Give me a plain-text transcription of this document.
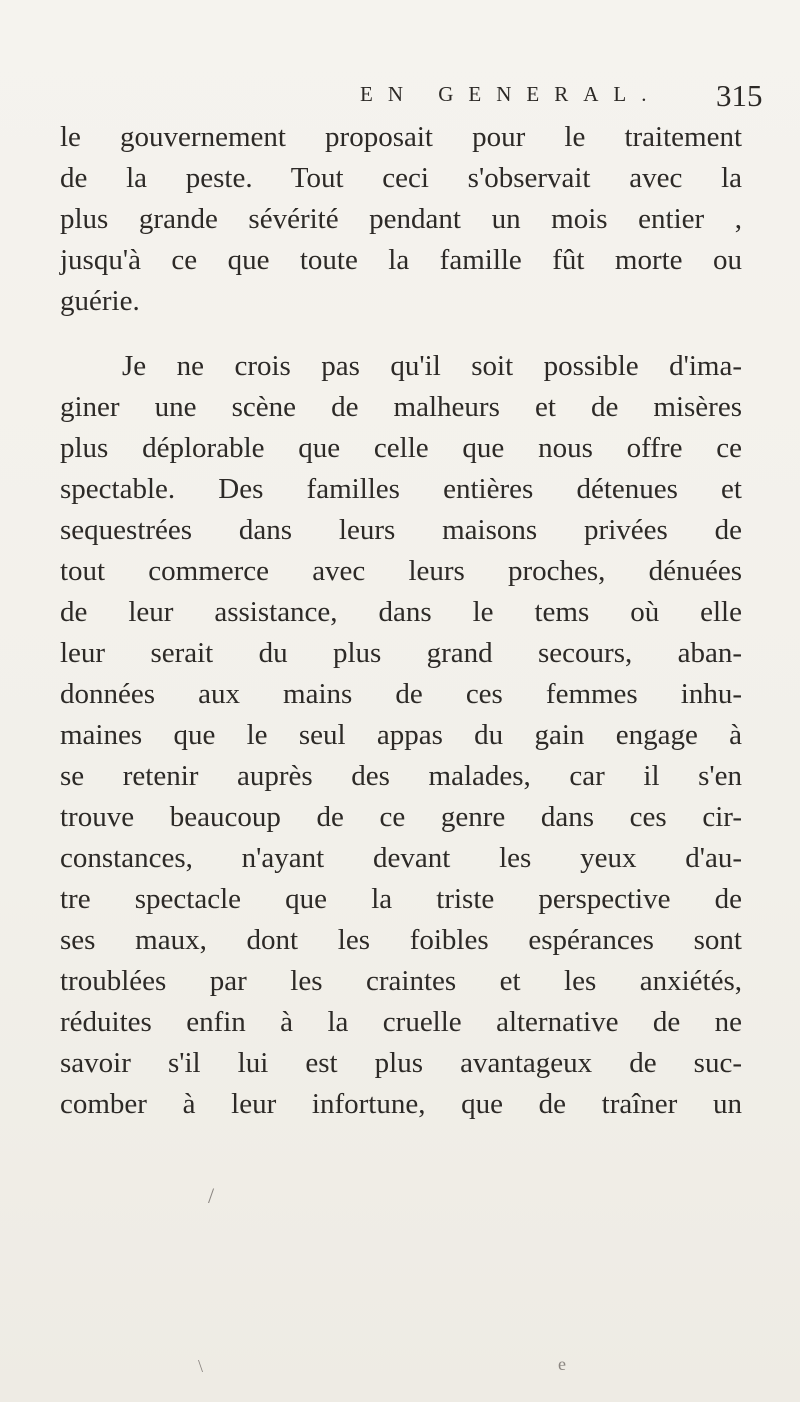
EN GENERAL. 315
le gouvernement proposait pour le traitement
de la peste. Tout ceci s'observait avec la
plus grande sévérité pendant un mois entier ,
jusqu'à ce que toute la famille fût morte ou
guérie.
Je ne crois pas qu'il soit possible d'ima-
giner une scène de malheurs et de misères
plus déplorable que celle que nous offre ce
spectable. Des familles entières détenues et
sequestrées dans leurs maisons privées de
tout commerce avec leurs proches, dénuées
de leur assistance, dans le tems où elle
leur serait du plus grand secours, aban-
données aux mains de ces femmes inhu-
maines que le seul appas du gain engage à
se retenir auprès des malades, car il s'en
trouve beaucoup de ce genre dans ces cir-
constances, n'ayant devant les yeux d'au-
tre spectacle que la triste perspective de
ses maux, dont les foibles espérances sont
troublées par les craintes et les anxiétés,
réduites enfin à la cruelle alternative de ne
savoir s'il lui est plus avantageux de suc-
comber à leur infortune, que de traîner un
/
\	e
